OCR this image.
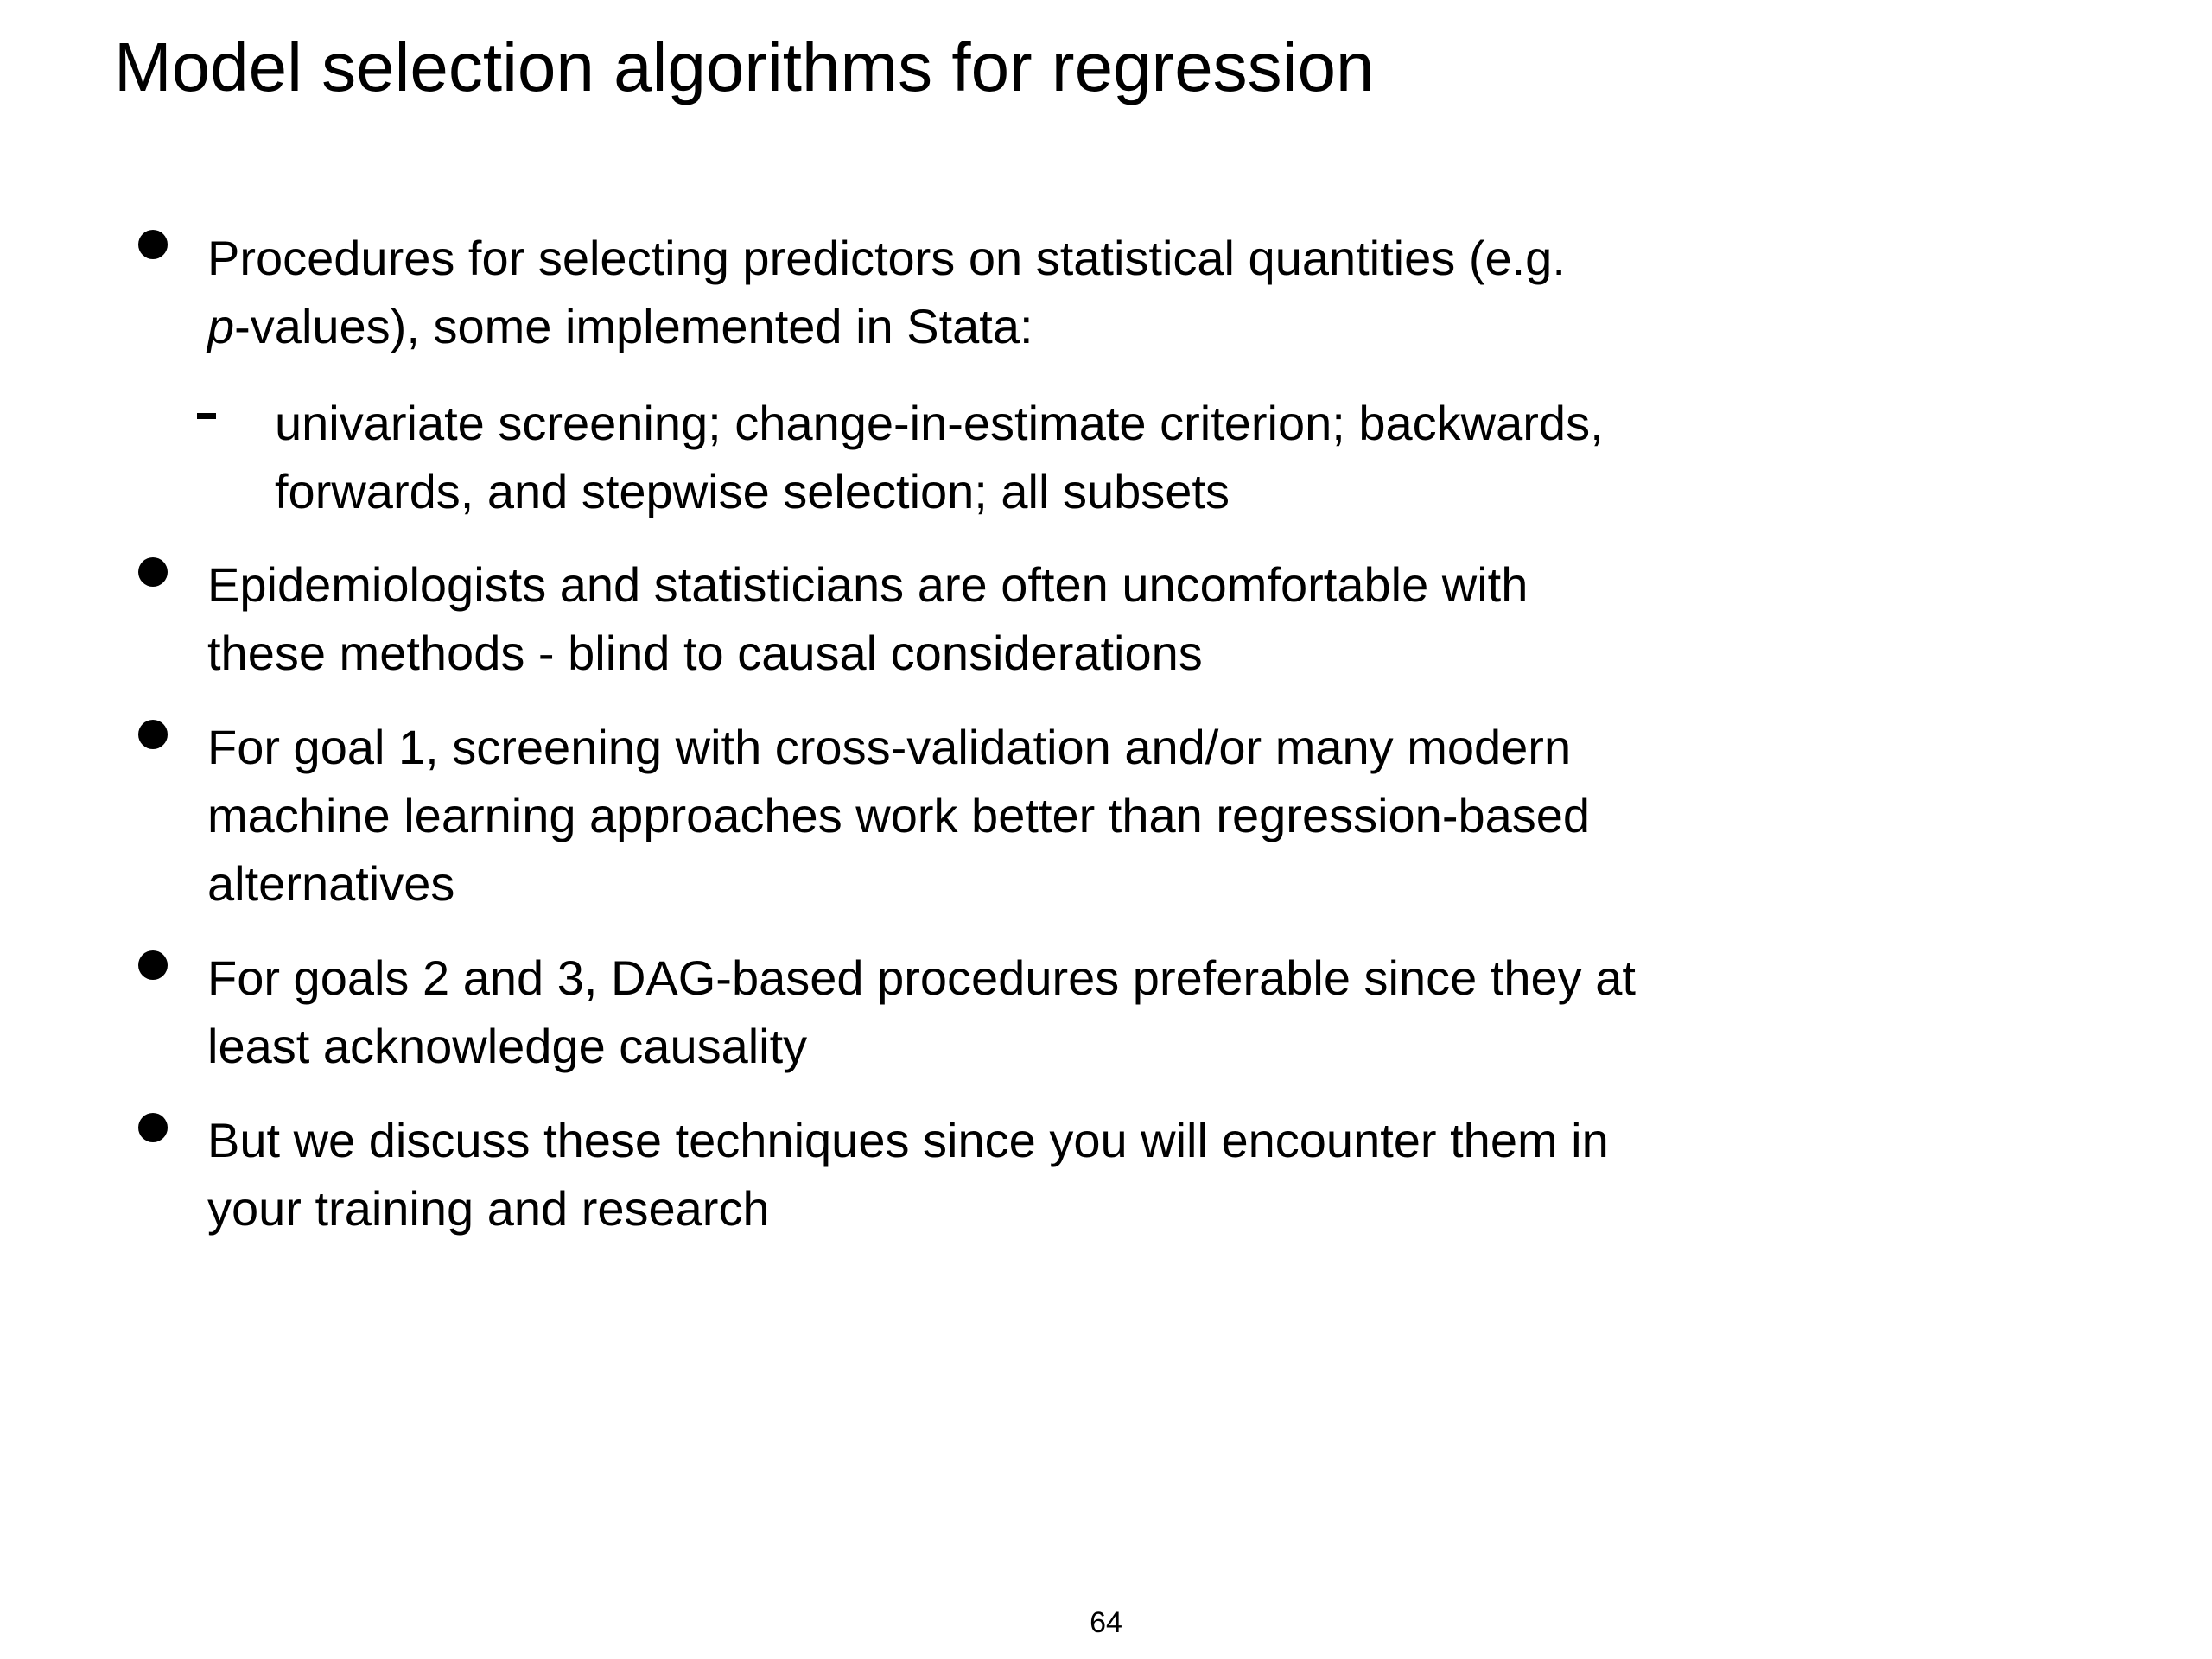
Model selection algorithms for regression
Procedures for selecting predictors on statistical quantities (e.g.
p-values), some implemented in Stata:
univariate screening; change-in-estimate criterion; backwards,
forwards, and stepwise selection; all subsets
Epidemiologists and statisticians are often uncomfortable with
these methods - blind to causal considerations
For goal 1, screening with cross-validation and/or many modern
machine learning approaches work better than regression-based
alternatives
For goals 2 and 3, DAG-based procedures preferable since they at
least acknowledge causality
But we discuss these techniques since you will encounter them in
your training and research
64
